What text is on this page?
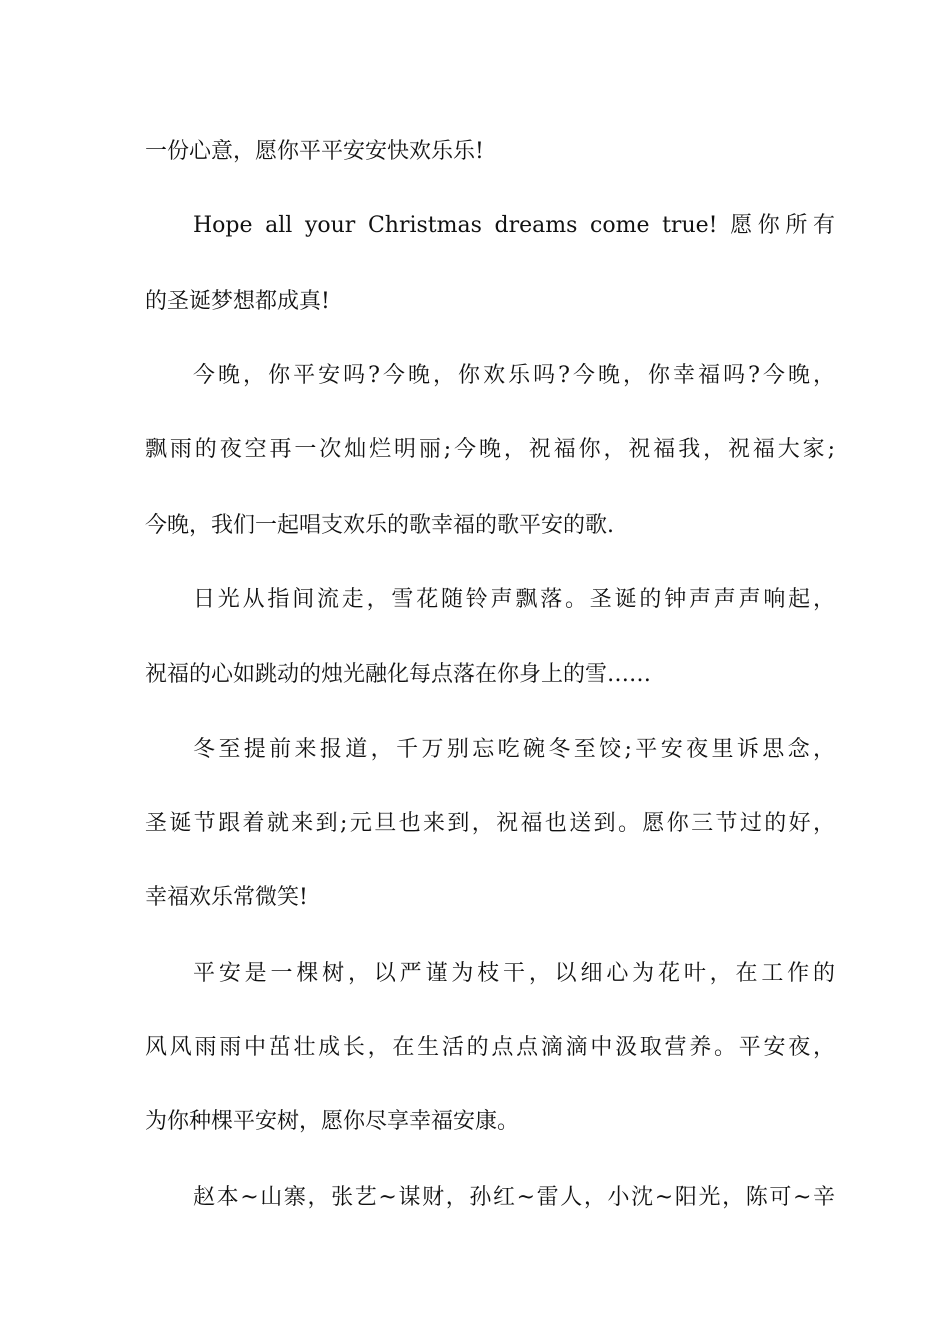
一份心意，愿你平平安安快欢乐乐!
Hope all your Christmas dreams come true! 愿你所有
的圣诞梦想都成真!
今晚，你平安吗?今晚，你欢乐吗?今晚，你幸福吗?今晚，
飘雨的夜空再一次灿烂明丽;今晚，祝福你，祝福我，祝福大家;
今晚，我们一起唱支欢乐的歌幸福的歌平安的歌.
日光从指间流走，雪花随铃声飘落。圣诞的钟声声声响起，
祝福的心如跳动的烛光融化每点落在你身上的雪……
冬至提前来报道，千万别忘吃碗冬至饺;平安夜里诉思念，
圣诞节跟着就来到;元旦也来到，祝福也送到。愿你三节过的好，
幸福欢乐常微笑!
平安是一棵树，以严谨为枝干，以细心为花叶，在工作的
风风雨雨中茁壮成长，在生活的点点滴滴中汲取营养。平安夜，
为你种棵平安树，愿你尽享幸福安康。
赵本~山寨，张艺~谋财，孙红~雷人，小沈~阳光，陈可~辛
